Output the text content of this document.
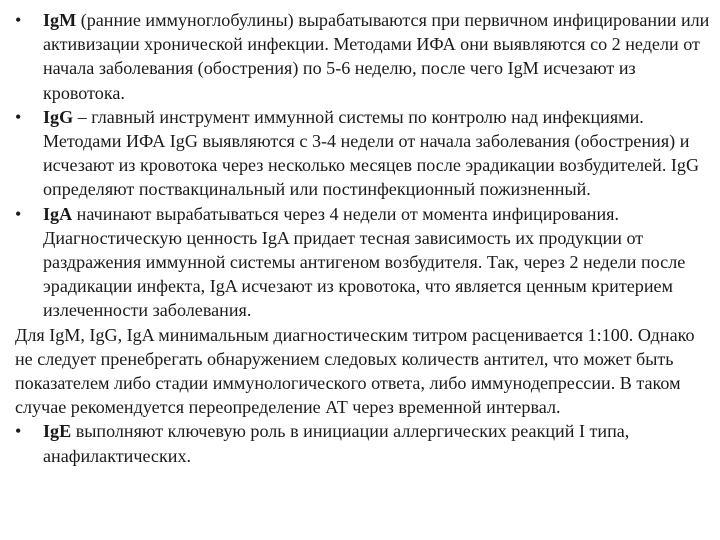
•	IgM (ранние иммуноглобулины) вырабатываются при первичном инфицировании или активизации хронической инфекции. Методами ИФА они выявляются со 2 недели от начала заболевания (обострения) по 5-6 неделю, после чего IgM исчезают из кровотока.
•	IgG – главный инструмент иммунной системы по контролю над инфекциями. Методами ИФА IgG выявляются с 3-4 недели от начала заболевания (обострения) и исчезают из кровотока через несколько месяцев после эрадикации возбудителей. IgG определяют поствакцинальный или постинфекционный пожизненный.
•	IgA начинают вырабатываться через 4 недели от момента инфицирования. Диагностическую ценность IgA придает тесная зависимость их продукции от раздражения иммунной системы антигеном возбудителя. Так, через 2 недели после эрадикации инфекта, IgA исчезают из кровотока, что является ценным критерием излеченности заболевания.

Для IgM, IgG, IgA минимальным диагностическим титром расценивается 1:100. Однако не следует пренебрегать обнаружением следовых количеств антител, что может быть показателем либо стадии иммунологического ответа, либо иммунодепрессии. В таком случае рекомендуется переопределение АТ через временной интервал.

•	IgE выполняют ключевую роль в инициации аллергических реакций I типа, анафилактических.
